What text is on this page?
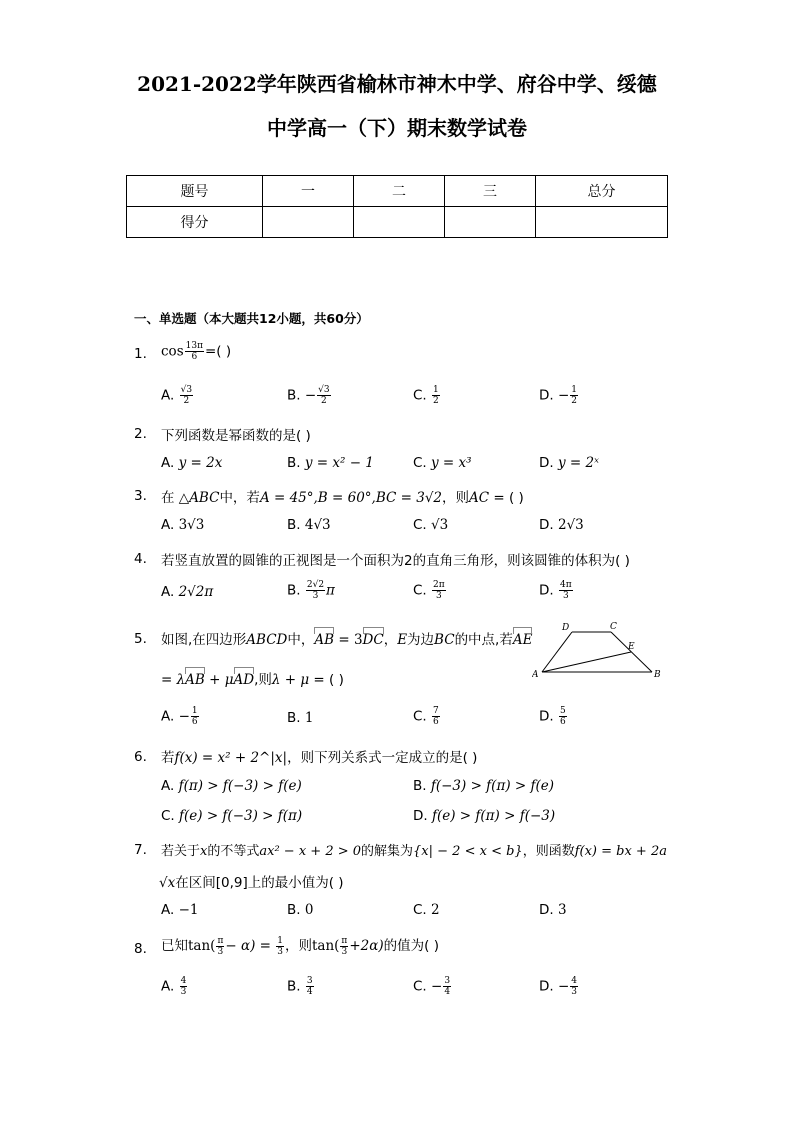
2021-2022学年陕西省榆林市神木中学、府谷中学、绥德
中学高一（下）期末数学试卷
题号	一	二	三	总分
得分				
一、单选题（本大题共12小题，共60分）
1. $\cos \frac{13\pi}{6}$ =( )
A. $\frac{√3}{2}$	B. − $\frac{√3}{2}$	C. $\frac{1}{2}$	D. − $\frac{1}{2}$
2. 下列函数是幂函数的是( )
A. y = 2x	B. y = x² − 1	C. y = x³	D. y = 2ˣ
3. 在 △ABC中，若A = 45°,B = 60°,BC = 3√2，则AC = ( )
A. 3√3	B. 4√3	C. √3	D. 2√3
4. 若竖直放置的圆锥的正视图是一个面积为2的直角三角形，则该圆锥的体积为( )
A. 2√2π	B. $\frac{2√2}{3}$ π	C. $\frac{2\pi}{3}$	D. $\frac{4\pi}{3}$
5. 如图,在四边形ABCD中，
AB = 3
DC，E为边BC的中点,若
AE
= λ
AB + μ
AD,则λ + μ = ( )	A	B
C
D
E
A. − $\frac{1}{6}$	B. 1	C. $\frac{7}{6}$	D. $\frac{5}{6}$
6. 若f(x) = x² + 2^|x|，则下列关系式一定成立的是( )
A. f(π) > f(−3) > f(e)	B. f(−3) > f(π) > f(e)
C. f(e) > f(−3) > f(π)	D. f(e) > f(π) > f(−3)
7. 若关于x的不等式ax² − x + 2 > 0的解集为{x| − 2 < x < b}，则函数f(x) = bx + 2a
√x在区间[0,9]上的最小值为( )
A. −1	B. 0	C. 2	D. 3
8. 已知$\tan( \frac{\pi}{3} - \alpha) = \frac{1}{3}$ ，则$\tan( \frac{\pi}{3} +2\alpha)$的值为( )
A. $\frac{4}{3}$	B. $\frac{3}{4}$	C. − $\frac{3}{4}$	D. − $\frac{4}{3}$
